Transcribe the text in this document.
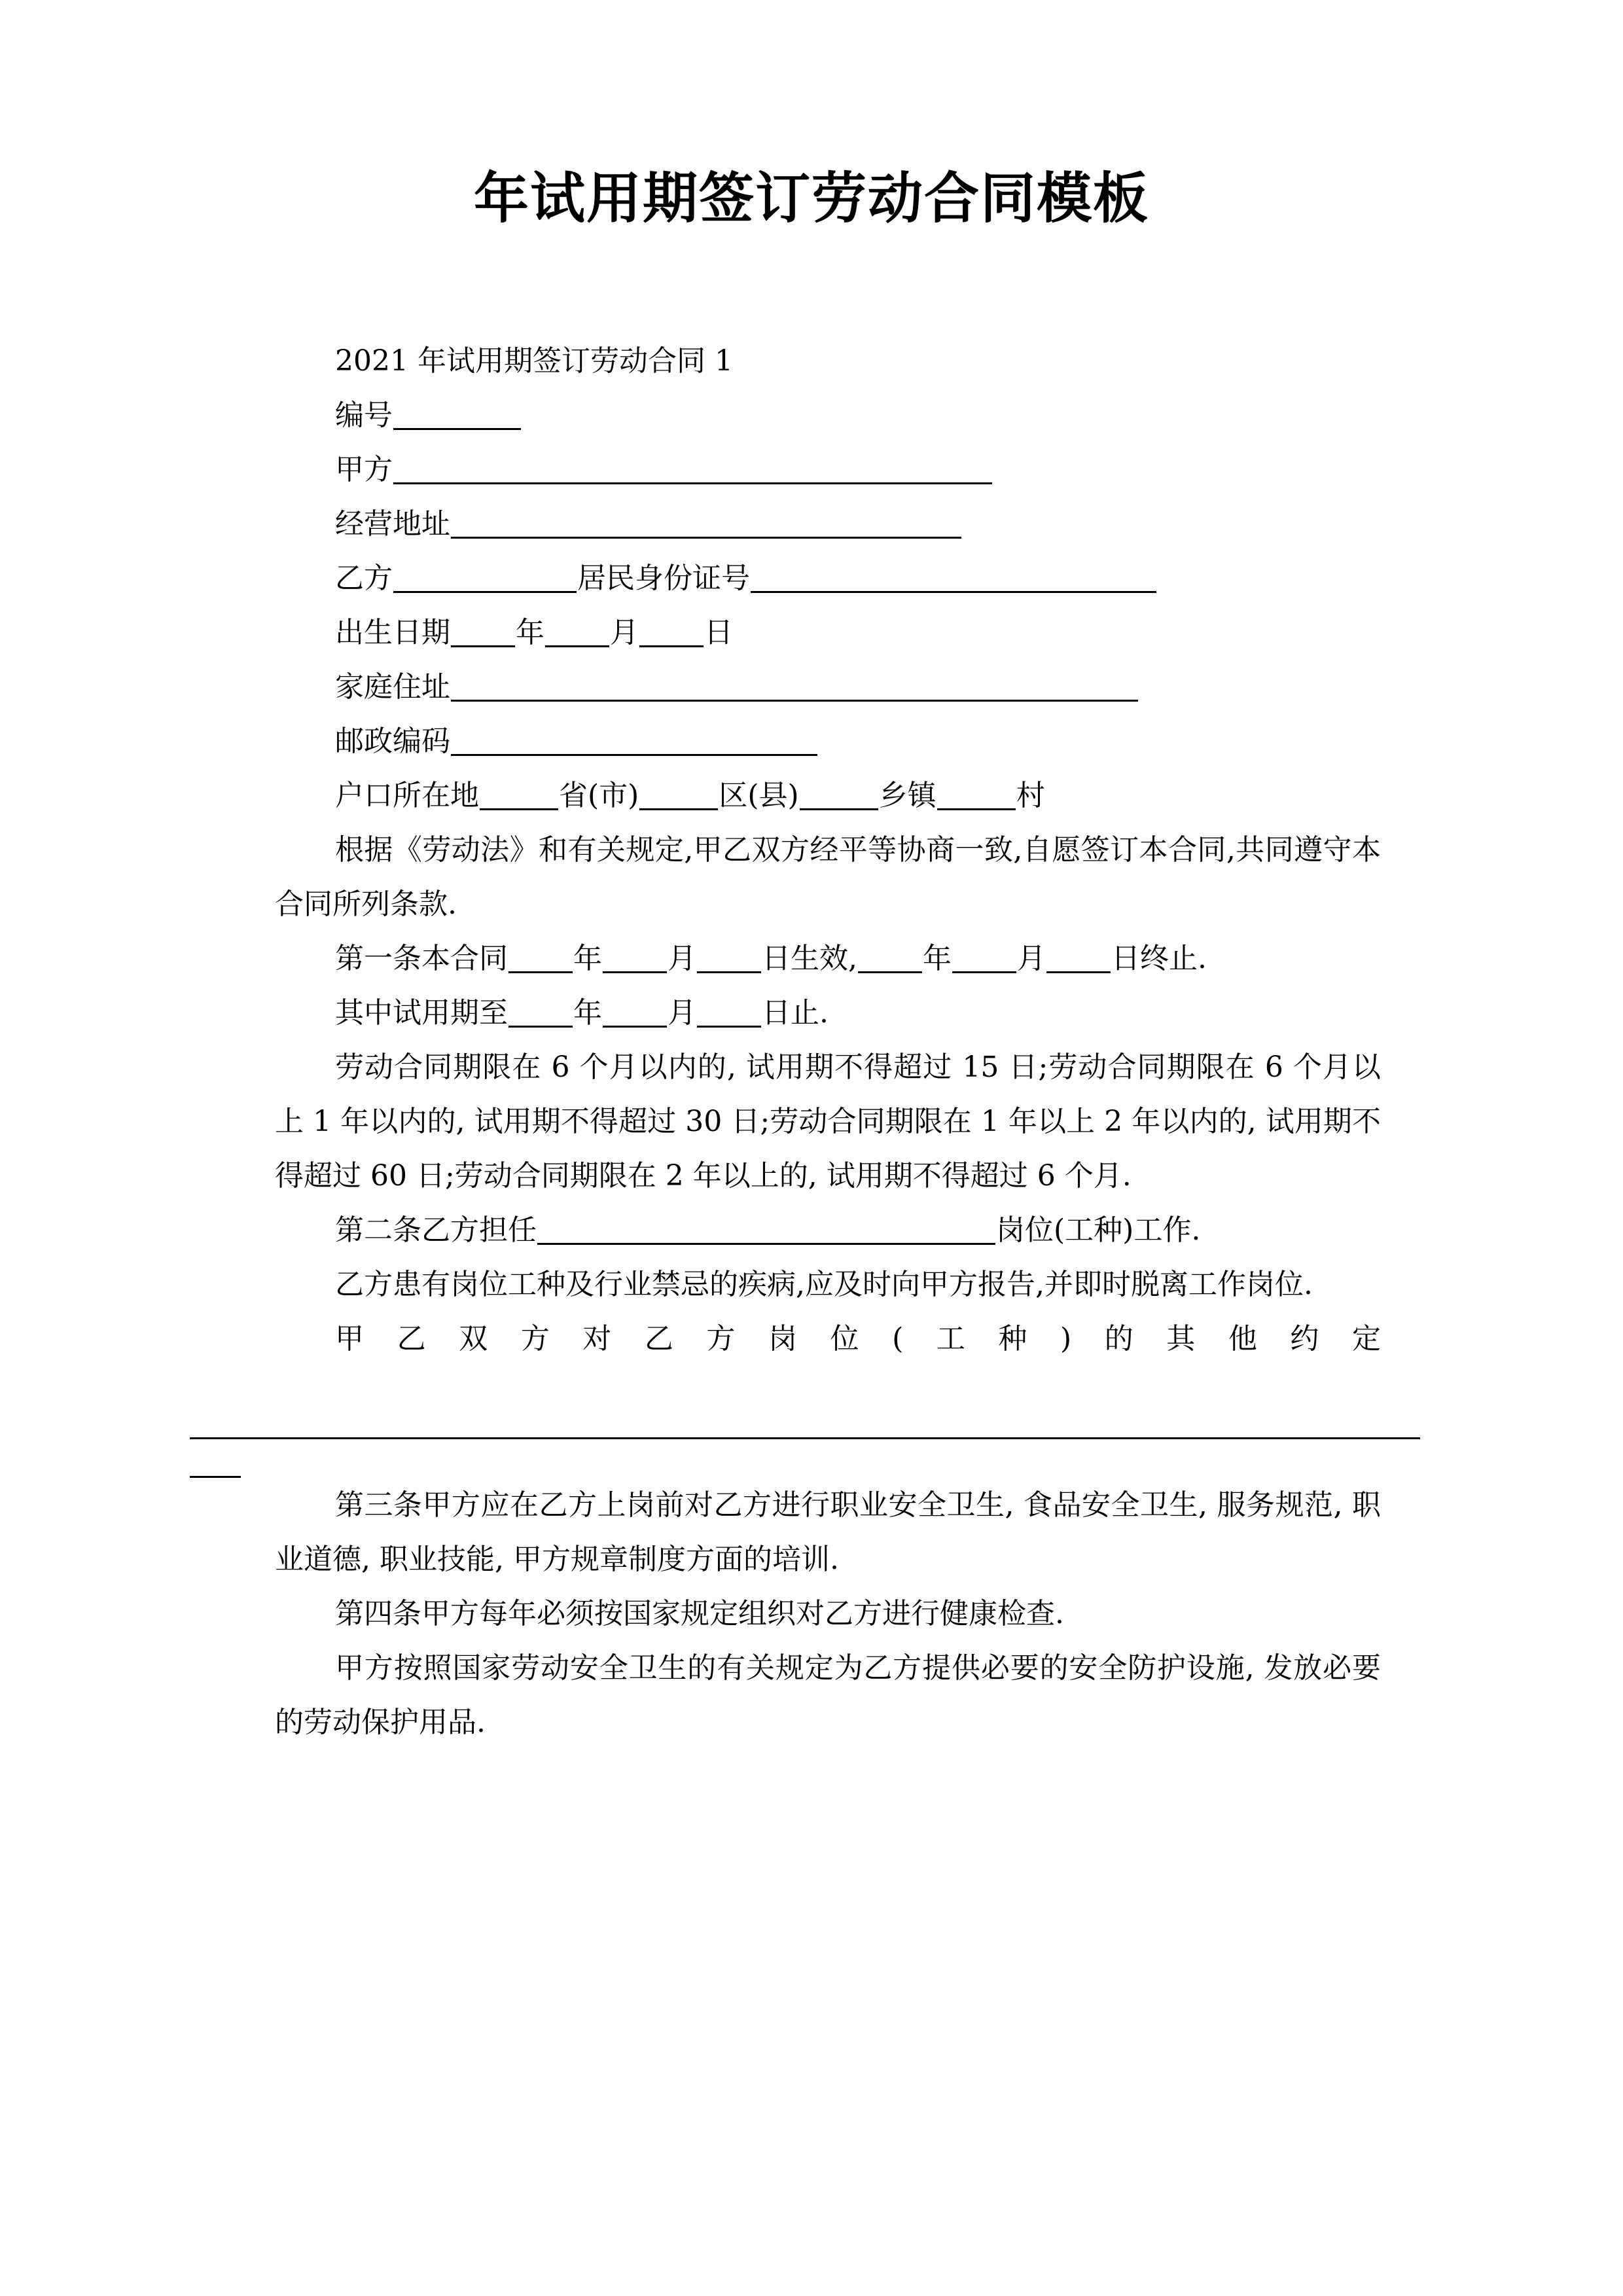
年试用期签订劳动合同模板
2021 年试用期签订劳动合同 1
编号
甲方
经营地址
乙方	居民身份证号
出生日期 年 月 日
家庭住址
邮政编码
户口所在地	省(市)	区(县)	乡镇	村
根据《劳动法》和有关规定,甲乙双方经平等协商一致,自愿签订本合同,共同遵守本合同所列条款.
第一条本合同 年 月 日生效, 年 月 日终止.
其中试用期至 年 月 日止.
劳动合同期限在 6 个月以内的, 试用期不得超过 15 日;劳动合同期限在 6 个月以上 1 年以内的, 试用期不得超过 30 日;劳动合同期限在 1 年以上 2 年以内的, 试用期不得超过 60 日;劳动合同期限在 2 年以上的, 试用期不得超过 6 个月.
第二条乙方担任	岗位(工种)工作.
乙方患有岗位工种及行业禁忌的疾病,应及时向甲方报告,并即时脱离工作岗位.
甲乙双方对乙方岗位(工种)的其他约定
第三条甲方应在乙方上岗前对乙方进行职业安全卫生, 食品安全卫生, 服务规范, 职业道德, 职业技能, 甲方规章制度方面的培训.
第四条甲方每年必须按国家规定组织对乙方进行健康检查.
甲方按照国家劳动安全卫生的有关规定为乙方提供必要的安全防护设施, 发放必要的劳动保护用品.
